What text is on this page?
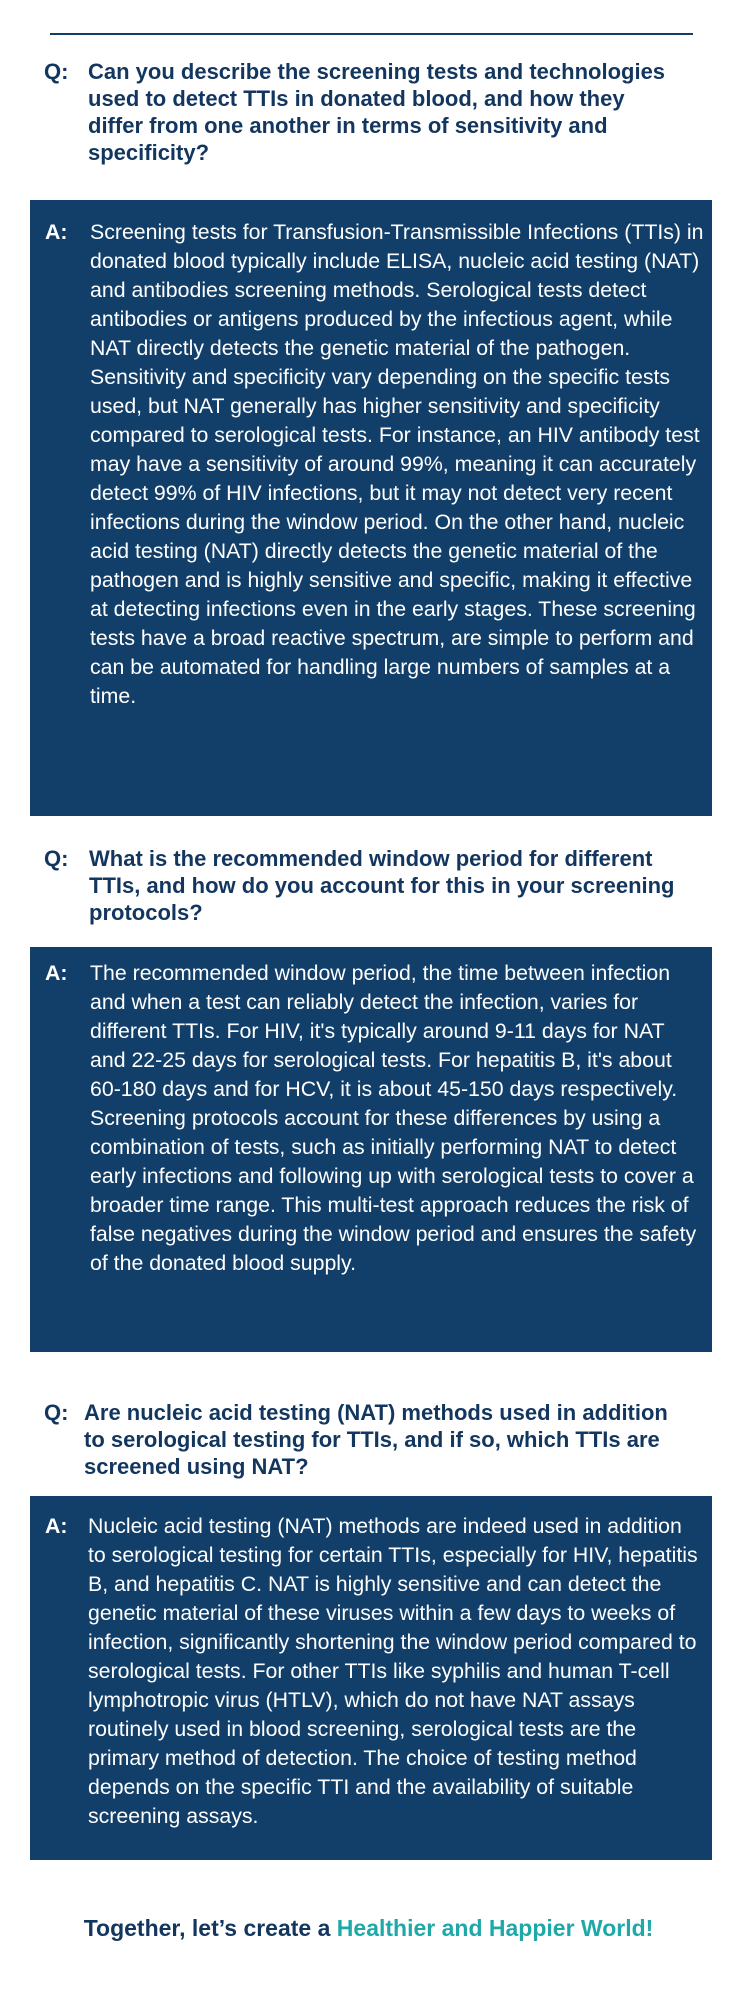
Q: Can you describe the screening tests and technologies used to detect TTIs in donated blood, and how they differ from one another in terms of sensitivity and specificity?
A: Screening tests for Transfusion-Transmissible Infections (TTIs) in donated blood typically include ELISA, nucleic acid testing (NAT) and antibodies screening methods. Serological tests detect antibodies or antigens produced by the infectious agent, while NAT directly detects the genetic material of the pathogen. Sensitivity and specificity vary depending on the specific tests used, but NAT generally has higher sensitivity and specificity compared to serological tests. For instance, an HIV antibody test may have a sensitivity of around 99%, meaning it can accurately detect 99% of HIV infections, but it may not detect very recent infections during the window period. On the other hand, nucleic acid testing (NAT) directly detects the genetic material of the pathogen and is highly sensitive and specific, making it effective at detecting infections even in the early stages. These screening tests have a broad reactive spectrum, are simple to perform and can be automated for handling large numbers of samples at a time.
Q: What is the recommended window period for different TTIs, and how do you account for this in your screening protocols?
A: The recommended window period, the time between infection and when a test can reliably detect the infection, varies for different TTIs. For HIV, it's typically around 9-11 days for NAT and 22-25 days for serological tests. For hepatitis B, it's about 60-180 days and for HCV, it is about 45-150 days respectively. Screening protocols account for these differences by using a combination of tests, such as initially performing NAT to detect early infections and following up with serological tests to cover a broader time range. This multi-test approach reduces the risk of false negatives during the window period and ensures the safety of the donated blood supply.
Q: Are nucleic acid testing (NAT) methods used in addition to serological testing for TTIs, and if so, which TTIs are screened using NAT?
A: Nucleic acid testing (NAT) methods are indeed used in addition to serological testing for certain TTIs, especially for HIV, hepatitis B, and hepatitis C. NAT is highly sensitive and can detect the genetic material of these viruses within a few days to weeks of infection, significantly shortening the window period compared to serological tests. For other TTIs like syphilis and human T-cell lymphotropic virus (HTLV), which do not have NAT assays routinely used in blood screening, serological tests are the primary method of detection. The choice of testing method depends on the specific TTI and the availability of suitable screening assays.
Together, let’s create a Healthier and Happier World!
